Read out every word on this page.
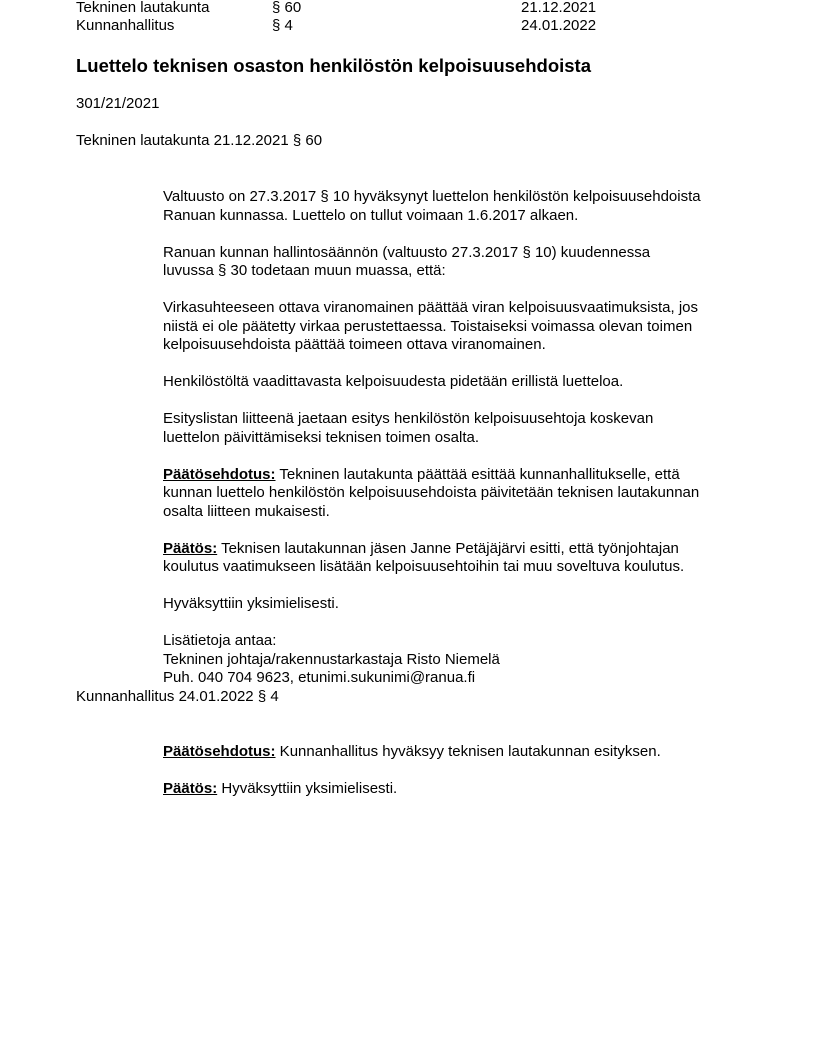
Tekninen lautakunta	§ 60	21.12.2021
Kunnanhallitus	§ 4	24.01.2022
Luettelo teknisen osaston henkilöstön kelpoisuusehdoista
301/21/2021
Tekninen lautakunta 21.12.2021 § 60
Valtuusto on 27.3.2017 § 10 hyväksynyt luettelon henkilöstön kelpoisuusehdoista
Ranuan kunnassa. Luettelo on tullut voimaan 1.6.2017 alkaen.
Ranuan kunnan hallintosäännön (valtuusto 27.3.2017 § 10) kuudennessa
luvussa § 30 todetaan muun muassa, että:
Virkasuhteeseen ottava viranomainen päättää viran kelpoisuusvaatimuksista, jos
niistä ei ole päätetty virkaa perustettaessa. Toistaiseksi voimassa olevan toimen
kelpoisuusehdoista päättää toimeen ottava viranomainen.
Henkilöstöltä vaadittavasta kelpoisuudesta pidetään erillistä luetteloa.
Esityslistan liitteenä jaetaan esitys henkilöstön kelpoisuusehtoja koskevan
luettelon päivittämiseksi teknisen toimen osalta.
Päätösehdotus: Tekninen lautakunta päättää esittää kunnanhallitukselle, että
kunnan luettelo henkilöstön kelpoisuusehdoista päivitetään teknisen lautakunnan
osalta liitteen mukaisesti.
Päätös: Teknisen lautakunnan jäsen Janne Petäjäjärvi esitti, että työnjohtajan
koulutus vaatimukseen lisätään kelpoisuusehtoihin tai muu soveltuva koulutus.
Hyväksyttiin yksimielisesti.
Lisätietoja antaa:
Tekninen johtaja/rakennustarkastaja Risto Niemelä
Puh. 040 704 9623, etunimi.sukunimi@ranua.fi
Kunnanhallitus 24.01.2022 § 4
Päätösehdotus: Kunnanhallitus hyväksyy teknisen lautakunnan esityksen.
Päätös: Hyväksyttiin yksimielisesti.
